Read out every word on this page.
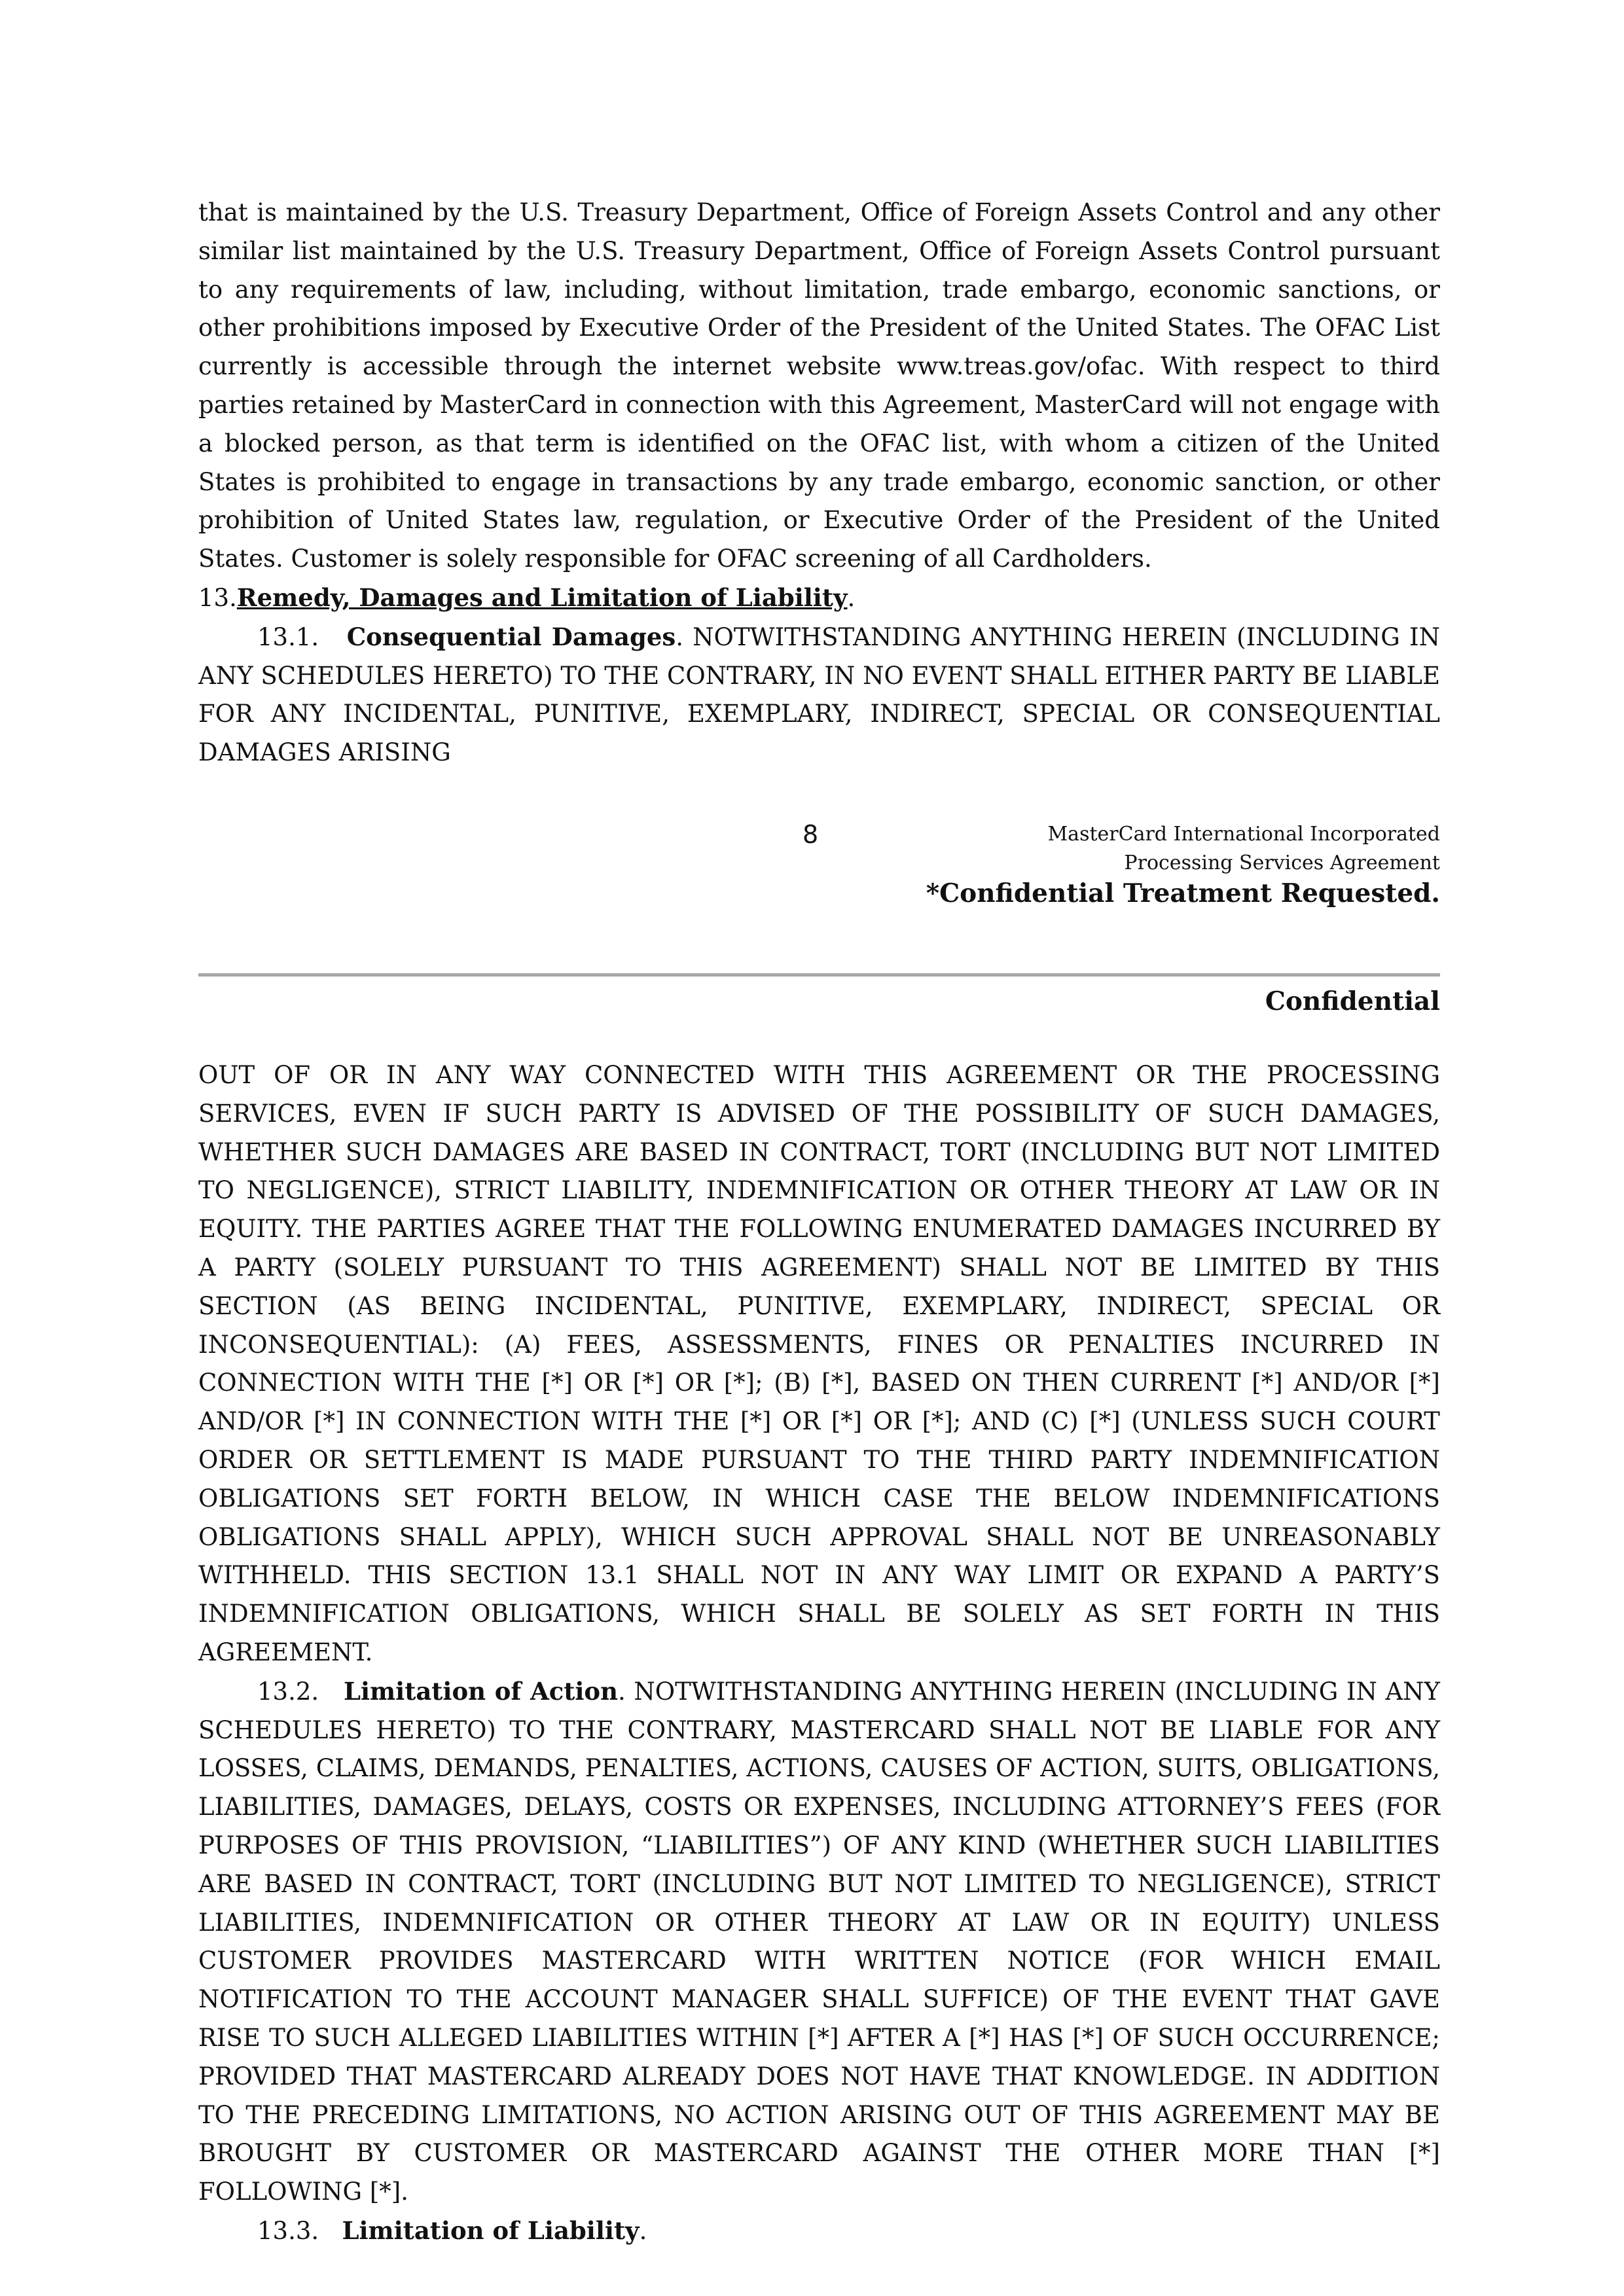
that is maintained by the U.S. Treasury Department, Office of Foreign Assets Control and any other similar list maintained by the U.S. Treasury Department, Office of Foreign Assets Control pursuant to any requirements of law, including, without limitation, trade embargo, economic sanctions, or other prohibitions imposed by Executive Order of the President of the United States. The OFAC List currently is accessible through the internet website www.treas.gov/ofac. With respect to third parties retained by MasterCard in connection with this Agreement, MasterCard will not engage with a blocked person, as that term is identified on the OFAC list, with whom a citizen of the United States is prohibited to engage in transactions by any trade embargo, economic sanction, or other prohibition of United States law, regulation, or Executive Order of the President of the United States. Customer is solely responsible for OFAC screening of all Cardholders.

13.Remedy, Damages and Limitation of Liability.

13.1. Consequential Damages. NOTWITHSTANDING ANYTHING HEREIN (INCLUDING IN ANY SCHEDULES HERETO) TO THE CONTRARY, IN NO EVENT SHALL EITHER PARTY BE LIABLE FOR ANY INCIDENTAL, PUNITIVE, EXEMPLARY, INDIRECT, SPECIAL OR CONSEQUENTIAL DAMAGES ARISING

8	MasterCard International Incorporated
Processing Services Agreement
*Confidential Treatment Requested.
Confidential

OUT OF OR IN ANY WAY CONNECTED WITH THIS AGREEMENT OR THE PROCESSING SERVICES, EVEN IF SUCH PARTY IS ADVISED OF THE POSSIBILITY OF SUCH DAMAGES, WHETHER SUCH DAMAGES ARE BASED IN CONTRACT, TORT (INCLUDING BUT NOT LIMITED TO NEGLIGENCE), STRICT LIABILITY, INDEMNIFICATION OR OTHER THEORY AT LAW OR IN EQUITY. THE PARTIES AGREE THAT THE FOLLOWING ENUMERATED DAMAGES INCURRED BY A PARTY (SOLELY PURSUANT TO THIS AGREEMENT) SHALL NOT BE LIMITED BY THIS SECTION (AS BEING INCIDENTAL, PUNITIVE, EXEMPLARY, INDIRECT, SPECIAL OR INCONSEQUENTIAL): (A) FEES, ASSESSMENTS, FINES OR PENALTIES INCURRED IN CONNECTION WITH THE [*] OR [*] OR [*]; (B) [*], BASED ON THEN CURRENT [*] AND/OR [*] AND/OR [*] IN CONNECTION WITH THE [*] OR [*] OR [*]; AND (C) [*] (UNLESS SUCH COURT ORDER OR SETTLEMENT IS MADE PURSUANT TO THE THIRD PARTY INDEMNIFICATION OBLIGATIONS SET FORTH BELOW, IN WHICH CASE THE BELOW INDEMNIFICATIONS OBLIGATIONS SHALL APPLY), WHICH SUCH APPROVAL SHALL NOT BE UNREASONABLY WITHHELD. THIS SECTION 13.1 SHALL NOT IN ANY WAY LIMIT OR EXPAND A PARTY’S INDEMNIFICATION OBLIGATIONS, WHICH SHALL BE SOLELY AS SET FORTH IN THIS AGREEMENT.

13.2. Limitation of Action. NOTWITHSTANDING ANYTHING HEREIN (INCLUDING IN ANY SCHEDULES HERETO) TO THE CONTRARY, MASTERCARD SHALL NOT BE LIABLE FOR ANY LOSSES, CLAIMS, DEMANDS, PENALTIES, ACTIONS, CAUSES OF ACTION, SUITS, OBLIGATIONS, LIABILITIES, DAMAGES, DELAYS, COSTS OR EXPENSES, INCLUDING ATTORNEY’S FEES (FOR PURPOSES OF THIS PROVISION, “LIABILITIES”) OF ANY KIND (WHETHER SUCH LIABILITIES ARE BASED IN CONTRACT, TORT (INCLUDING BUT NOT LIMITED TO NEGLIGENCE), STRICT LIABILITIES, INDEMNIFICATION OR OTHER THEORY AT LAW OR IN EQUITY) UNLESS CUSTOMER PROVIDES MASTERCARD WITH WRITTEN NOTICE (FOR WHICH EMAIL NOTIFICATION TO THE ACCOUNT MANAGER SHALL SUFFICE) OF THE EVENT THAT GAVE RISE TO SUCH ALLEGED LIABILITIES WITHIN [*] AFTER A [*] HAS [*] OF SUCH OCCURRENCE; PROVIDED THAT MASTERCARD ALREADY DOES NOT HAVE THAT KNOWLEDGE. IN ADDITION TO THE PRECEDING LIMITATIONS, NO ACTION ARISING OUT OF THIS AGREEMENT MAY BE BROUGHT BY CUSTOMER OR MASTERCARD AGAINST THE OTHER MORE THAN [*] FOLLOWING [*].

13.3. Limitation of Liability.
